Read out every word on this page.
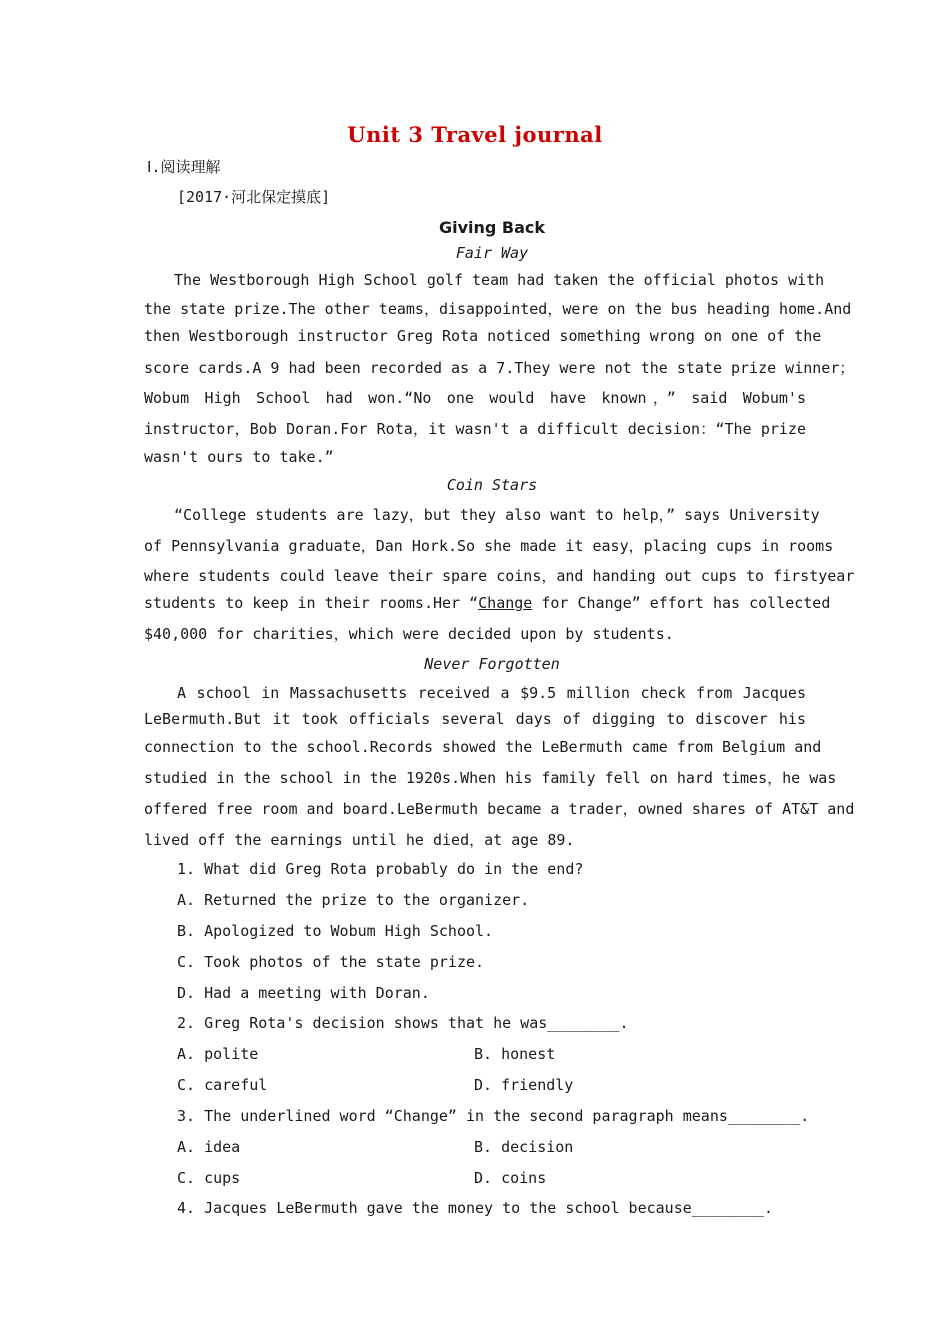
Unit 3 Travel journal
Ⅰ.阅读理解
[2017·河北保定摸底]
Giving Back
Fair Way
　　The Westborough High School golf team had taken the official photos with
the state prize.The other teams，disappointed，were on the bus heading home.And
then Westborough instructor Greg Rota noticed something wrong on one of the
score cards.A 9 had been recorded as a 7.They were not the state prize winner；
Wobum High School had won.“No one would have known，” said Wobum's
instructor，Bob Doran.For Rota，it wasn't a difficult decision：“The prize
wasn't ours to take.”
Coin Stars
　　“College students are lazy，but they also want to help，” says University
of Pennsylvania graduate，Dan Hork.So she made it easy，placing cups in rooms
where students could leave their spare coins，and handing out cups to firstyear
students to keep in their rooms.Her “Change for Change” effort has collected
$40,000 for charities，which were decided upon by students.
Never Forgotten
　　A school in Massachusetts received a $9.5 million check from Jacques
LeBermuth.But it took officials several days of digging to discover his
connection to the school.Records showed the LeBermuth came from Belgium and
studied in the school in the 1920s.When his family fell on hard times，he was
offered free room and board.LeBermuth became a trader，owned shares of AT&T and
lived off the earnings until he died，at age 89.
1. What did Greg Rota probably do in the end?
A. Returned the prize to the organizer.
B. Apologized to Wobum High School.
C. Took photos of the state prize.
D. Had a meeting with Doran.
2. Greg Rota's decision shows that he was________.
A. polite	B. honest
C. careful	D. friendly
3. The underlined word “Change” in the second paragraph means________.
A. idea	B. decision
C. cups	D. coins
4. Jacques LeBermuth gave the money to the school because________.
